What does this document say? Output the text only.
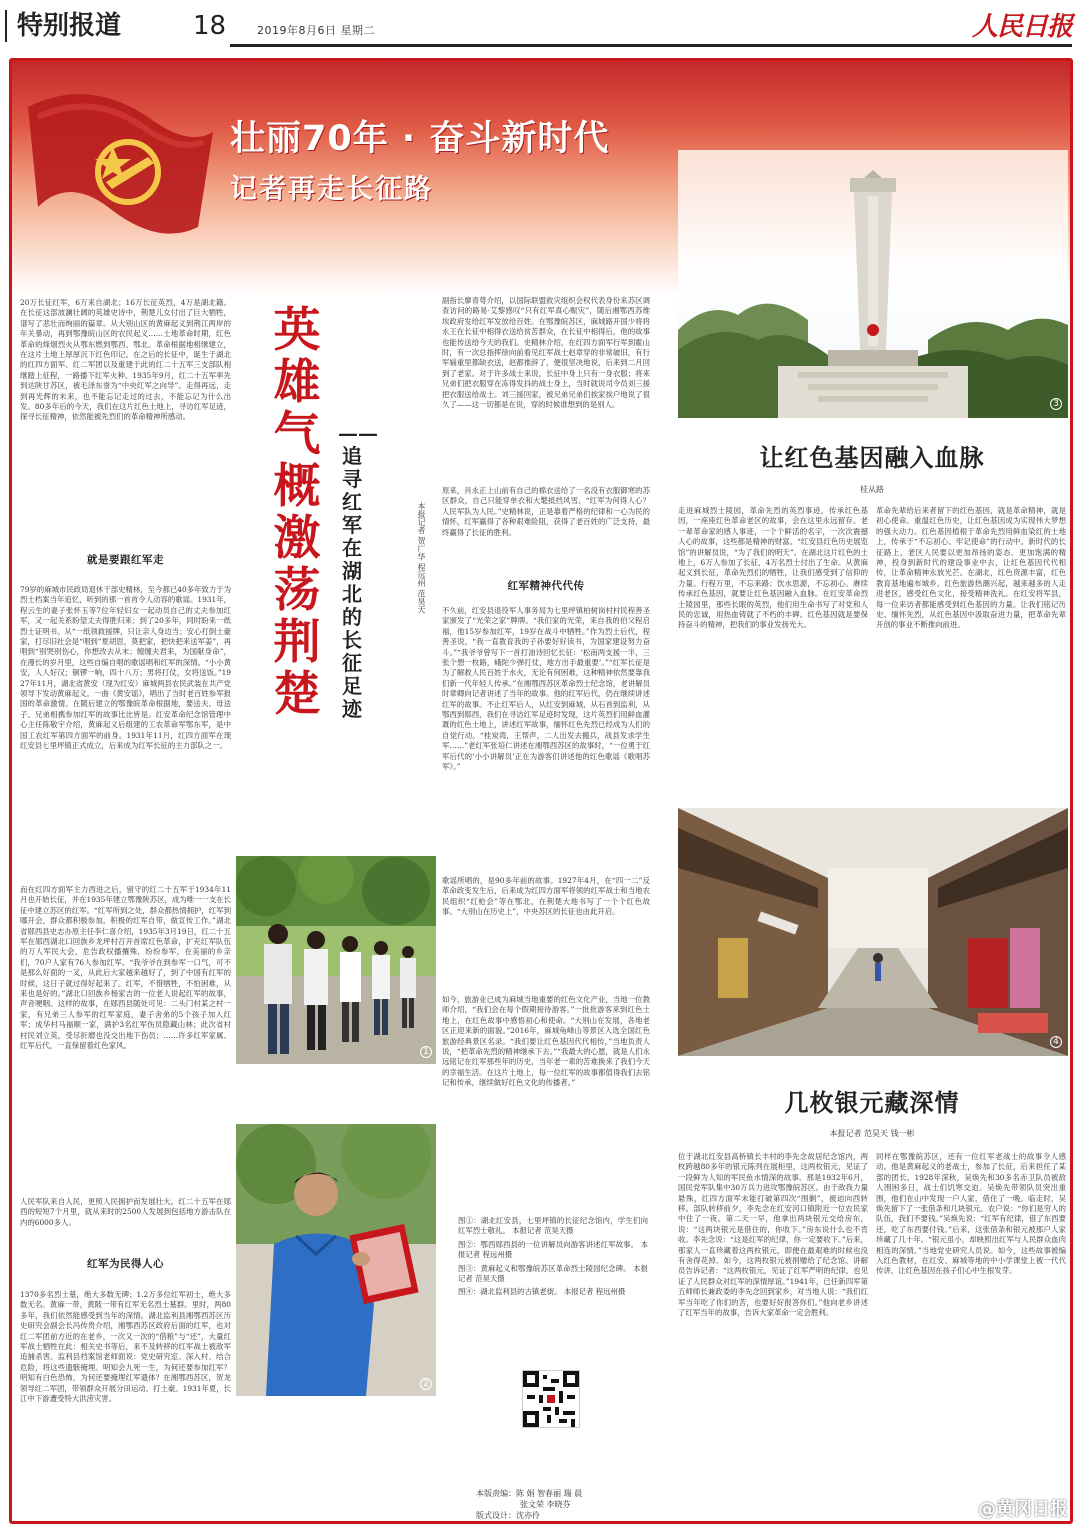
特别报道	18	2019年8月6日 星期二	人民日报
壮丽70年 · 奋斗新时代
记者再走长征路
3
英雄气概 激荡荆楚
——追寻红军在湖北的长征足迹
本报记者 贺广华 程远州 范昊天
20万长征红军，6万来自湖北；16万长征英烈，4万是湖北籍。在长征这部波澜壮阔的英雄史诗中，荆楚儿女付出了巨大牺牲，谱写了悲壮而绚丽的篇章。从大别山区的黄麻起义到荆江两岸的年关暴动，再到鄂豫皖山区的农民起义……土地革命时期，红色革命的烽烟烈火从鄂东燃到鄂西、鄂北。革命根据地相继建立，在这片土地上厚厚沉下红色印记。在之后的长征中，诞生于湖北的红四方面军、红二军团以及重建于此的红二十五军三支部队相继踏上征程，一路播下红军火种。1935年9月，红二十五军率先到达陕甘苏区，被毛泽东誉为“中央红军之向导”。走得再远，走到再光辉的未来，也不能忘记走过的过去，不能忘记为什么出发。80多年后的今天，我们在这片红色土地上，寻访红军足迹，探寻长征精神，依然能被先烈们的革命精神所感动。
就是要跟红军走
79岁的麻城市民政局退休干部史精林，至今都已40多年致力于为烈士档案当年追忆，听到的那一首首令人动容的歌谣。1931年，程云生的妻子张怀玉等7位年轻妇女一起动员自己的丈夫参加红军，又一起关系盼望丈夫得胜归来；到了20多年，同时盼来一纸烈士证明书。从“一纸领救援牌，只让亲人身边当；安心打倒土豪家，打尽旧社会是“唱到”夏胡思，莫把家，把快把来送军姜”，再唱到“别哭别伤心，你想改去从末；缠缠夫君来，为国献身命”，在漫长的岁月里，这些自编自唱的歌谣唱和红军的深情。“小小黄安，人人好汉；铜锣一响，四十八万；男将打仗，女将送饭。”1927年11月，湖北省黄安（现为红安）麻城两县农民武装在共产党领导下发动黄麻起义。一曲《黄安谣》，唱出了当时老百姓参军报国的革命激情。在随后建立的鄂豫皖革命根据地，要送夫、母送子、兄弟相携参加红军的故事比比皆是。红安革命纪念馆管理中心主任陈敬宇介绍，黄麻起义后组建的工农革命军鄂东军，是中国工农红军第四方面军的前身。1931年11月，红四方面军在现红安县七里坪镇正式成立，后来成为红军长征的主力部队之一。
而在红四方面军主力西进之后，留守的红二十五军于1934年11月也开始长征，并在1935年建立鄂豫陕苏区，成为唯一一支在长征中建立苏区的红军。“红军所到之处，群众都热情拥护，红军到哪开会，群众都积极参加，积极的红军自带，做宣传工作。”湖北省郧西县史志办原主任李仁喜介绍，1935年3月19日，红二十五军在郧西湖北口回族乡龙坪村召开首席红色革命，扩充红军队伍的万人军民大会，危告政权播攘殊，纷纷参军，在美丽的乡亲们，70户人家有76人参加红军。“我爷爷在到参军一口气，可不是那么好面的一叉，从此后大家越来越好了，到了中国有红军的时候，这日子就过得好起来了。红军，不惜牺牲，不怕困难，从来也是好的。”湖北口回族乡杨家吉的一位老人说起红军的故事，声音哽咽。这样的故事，在郧西县随处可见：二头门村某之村一家，有兄弟三人参军的红军家庭，妻子舍弟的5个孩子加入红军；成华村马福顺一家，满护3名红军伤员隐藏山林；此次省村村民刘立英，受尽折磨也没交出地下伤员；……许多红军家属、红军后代，一直保留着红色家风。
人民军队来自人民，更照人民拥护而发展壮大。红二十五军在郧西的短短7个月里，就从来时的2500人发展到包括地方游击队在内的6000多人。
红军为民得人心
1370多名烈士墓，绝大多数无碑；1.2万多位红军初士，绝大多数无名。黄麻一带，黄陂一带有红军无名烈士墓群。里时，两80多年，我们依然能感受到当年的深情。湖北监利县湘鄂西苏区历史研究会副会长冯传贵介绍，湘鄂西苏区政府后面的红军，也对红二军团前方近的在老乡，一次又一次的“借粮”与“还”，大量红军战士牺牲在此：相关史书等后，来不及转移的红军战士被敌军追捕杀害。监利县档案馆老师面说：党史研究室、深入村、结合危险，将这些遗骸掩埋。明知会九死一生，为何还要参加红军？明知有白色恐怖，为何还要掩埋红军遗体？在湘鄂西苏区，贺龙领导红二军团，带领群众开展分田运动、打土豪。1931年夏，长江中下游遭受特大洪涝灾害。
1
2
副指长廖青萼介绍，以国际联盟救灾组织会权代表身份来苏区调查访问的路易·艾黎感叹“只有红军真心赈灾”，随后湘鄂西苏维埃政府发给红军发放给百姓。在鄂豫皖苏区，麻城路开国少将将永王在长征中相得衣送给贫苦群众，在长征中相得后，他的故事也能传送给今天的我们。史精林介绍，在红四方面军行军到霍山时，有一次总指挥徐向前看见红军战士赵章穿的非常破旧，有行军辎重里都缺衣送，赵都推辞了，便很坚决地说，后来到二月回到了老家。对于许多战士来说，长征中身上只有一身衣服；将来兄弟们把衣服穿在冻得发抖的战士身上，当时就说司令员刘三援把衣服送给战士。刘三援回家，被兄弟兄弟们挨家挨户地说了很久了——这一切都是在说，穿的时候谁想到的是别人。
原来，肖永正上山前有自己的棉衣送给了一名没有衣服御寒的苏区群众，自己只能穿单衣和大氅抵挡风雪。“红军为何得人心？人民军队为人民。”史精林说，正是靠着严格的纪律和一心为民的情怀，红军赢得了各种艰难险阻，获得了老百姓的广泛支持，最终赢得了长征的胜利。
红军精神代代传
不久前，红安县退役军人事务局为七里坪镇柏树岗村村民程善圣家颁发了“光荣之家”牌牌。“我们家的光荣，来自我的伯父程启福，他15岁参加红军，19岁在战斗中牺牲。”作为烈士后代，程善圣说，“我一直教育我的子孙要好好读书，为国家建设努力奋斗。”“我爷爷曾写下一首打油诗回忆长征：‘松南两支援一半，三张个想一枚路，峨陀少弹打仗，地方出手最重要’。”“红军长征是为了解救人民百姓于水火，无论有何困难，这种精神依然要靠我们新一代年轻人传承。”在湘鄂西苏区革命烈士纪念馆，老讲解员时章卿向记者讲述了当年的故事。他的红军后代，仍在继续讲述红军的故事。不止红军后人，从红安到麻城，从石首到监利，从鄂西到郧西，我们在寻访红军足迹时发现，这片英烈们用鲜血灌溉的红色土地上，讲述红军故事，缅怀红色先烈已经成为人们的自觉行动。“桂炭湾，王帮声，二人出发去搬兵，战县发求学生军……”老红军张培仁讲述在湘鄂西苏区的故事时，“一位勇于红军后代的‘小小讲解员’正在为游客们讲述他的红色歌谣《歌唱苏军》。”
歌谣所唱的，是90多年前的故事。1927年4月，在“四一二”反革命政变发生后，后来成为红四方面军将领的红军战士和当地农民组织“红枪会”等在鄂北，在荆楚大地书写了一个个红色故事。“大别山在历史上”，中央苏区的长征也由此开启。
如今，旅游业已成为麻城当地重要的红色文化产业，当地一位教师介绍，“我们会在每个假期接待游客。”一批批游客来到红色土地上，在红色故事中感悟初心和使命。“大别山在发展，各地老区正迎来新的面貌。”2016年，麻城龟峰山等景区入选全国红色旅游经典景区名录。“我们要让红色基因代代相传，”当地负责人说，“把革命先烈的精神继承下去。”“我最大的心愿，就是人们永远铭记在红军那些年的历史，当年老一辈的苦难换来了我们今天的幸福生活。在这片土地上，每一位红军的故事都值得我们去铭记和传承，继续做好红色文化的传播者。”
图①：湖北红安县，七里坪镇的长征纪念馆内，学生们向红军烈士敬礼。 本报记者 范昊天摄
图②：鄂西郧西县的一位讲解员向游客讲述红军故事。 本报记者 程远州摄
图③：黄麻起义和鄂豫皖苏区革命烈士陵园纪念碑。 本报记者 范昊天摄
图④：湖北监利县的古镇老街。 本报记者 程远州摄
本版责编：陈 娟 智春丽 瑞 晨
张文荣 李晓芬
版式设计：沈亦伶
让红色基因融入血脉
桂从路
走进麻城烈士陵园，革命先烈的英烈事迹，传承红色基因，一座座红色革命老区的故事，会在这里永远留存。老一辈革命家的感人事迹，一个个鲜活的名字，一次次震撼人心的故事，这些都是精神的财富。“红安县红色历史展览馆”的讲解员说，“为了我们的明天”。在湖北这片红色的土地上，6万人参加了长征，4万名烈士付出了生命。从黄麻起义到长征，革命先烈们的牺牲，让我们感受到了信仰的力量。行程万里，不忘来路；饮水思源，不忘初心。赓续传承红色基因，就要让红色基因融入血脉。在红安革命烈士陵园里，那些长眠的英烈，他们用生命书写了对党和人民的忠诚，用热血铸就了不朽的丰碑。红色基因就是要保持奋斗的精神，把我们的事业发扬光大。
革命先辈给后来者留下的红色基因，就是革命精神，就是初心使命。重温红色历史，让红色基因成为实现伟大梦想的强大动力。红色基因植根于革命先烈用鲜血染红的土地上，传承于“不忘初心、牢记使命”的行动中。新时代的长征路上，老区人民要以更加昂扬的姿态、更加饱满的精神，投身到新时代的建设事业中去，让红色基因代代相传，让革命精神永放光芒。在湖北，红色资源丰富，红色教育基地遍布城乡。红色旅游热潮兴起，越来越多的人走进老区，感受红色文化，接受精神洗礼。在红安将军县，每一位来访者都能感受到红色基因的力量。让我们铭记历史、缅怀先烈，从红色基因中汲取奋进力量，把革命先辈开创的事业不断推向前进。
4
几枚银元藏深情
本报记者 范昊天 钱一彬
位于湖北红安县高桥镇长丰村的李先念故居纪念馆内，两枚跨越80多年的银元陈列在展柜里，这两枚银元，见证了一段鲜为人知的军民鱼水情深的故事。那是1932年6月，国民党军队集中30万兵力进攻鄂豫皖苏区。由于敌我力量悬殊，红四方面军未能打破第四次“围剿”，被迫向西转移。部队转移前夕，李先念在红安河口镇附近一位农民家中住了一夜。第二天一早，他拿出两块银元交给房东，说：“这两块银元是借住的，你收下。”房东说什么也不肯收。李先念说：“这是红军的纪律，你一定要收下。”后来，那家人一直珍藏着这两枚银元，即便在最艰难的时候也没有舍得花掉。如今，这两枚银元被捐赠给了纪念馆。讲解员告诉记者：“这两枚银元，见证了红军严明的纪律，也见证了人民群众对红军的深情厚谊。”1941年，已任新四军第五师师长兼政委的李先念回到家乡，对当地人说：“我们红军当年吃了你们的苦，也要好好报答你们。”他向老乡讲述了红军当年的故事，告诉大家革命一定会胜利。
同样在鄂豫皖苏区，还有一位红军老战士的故事令人感动。他是黄麻起义的老战士，参加了长征，后来担任了某部的团长。1928年深秋，吴焕先和30多名赤卫队员被敌人围困多日，战士们饥寒交迫。吴焕先带领队员突出重围，他们在山中发现一户人家，借住了一晚。临走时，吴焕先留下了一张借条和几块银元。农户说：“你们是穷人的队伍，我们不要钱。”吴焕先说：“红军有纪律，借了东西要还，吃了东西要付钱。”后来，这张借条和银元被那户人家珍藏了几十年。“银元虽小，却映照出红军与人民群众血肉相连的深情。”当地党史研究人员说。如今，这些故事被编入红色教材，在红安、麻城等地的中小学课堂上被一代代传讲，让红色基因在孩子们心中生根发芽。
@黄冈日报
